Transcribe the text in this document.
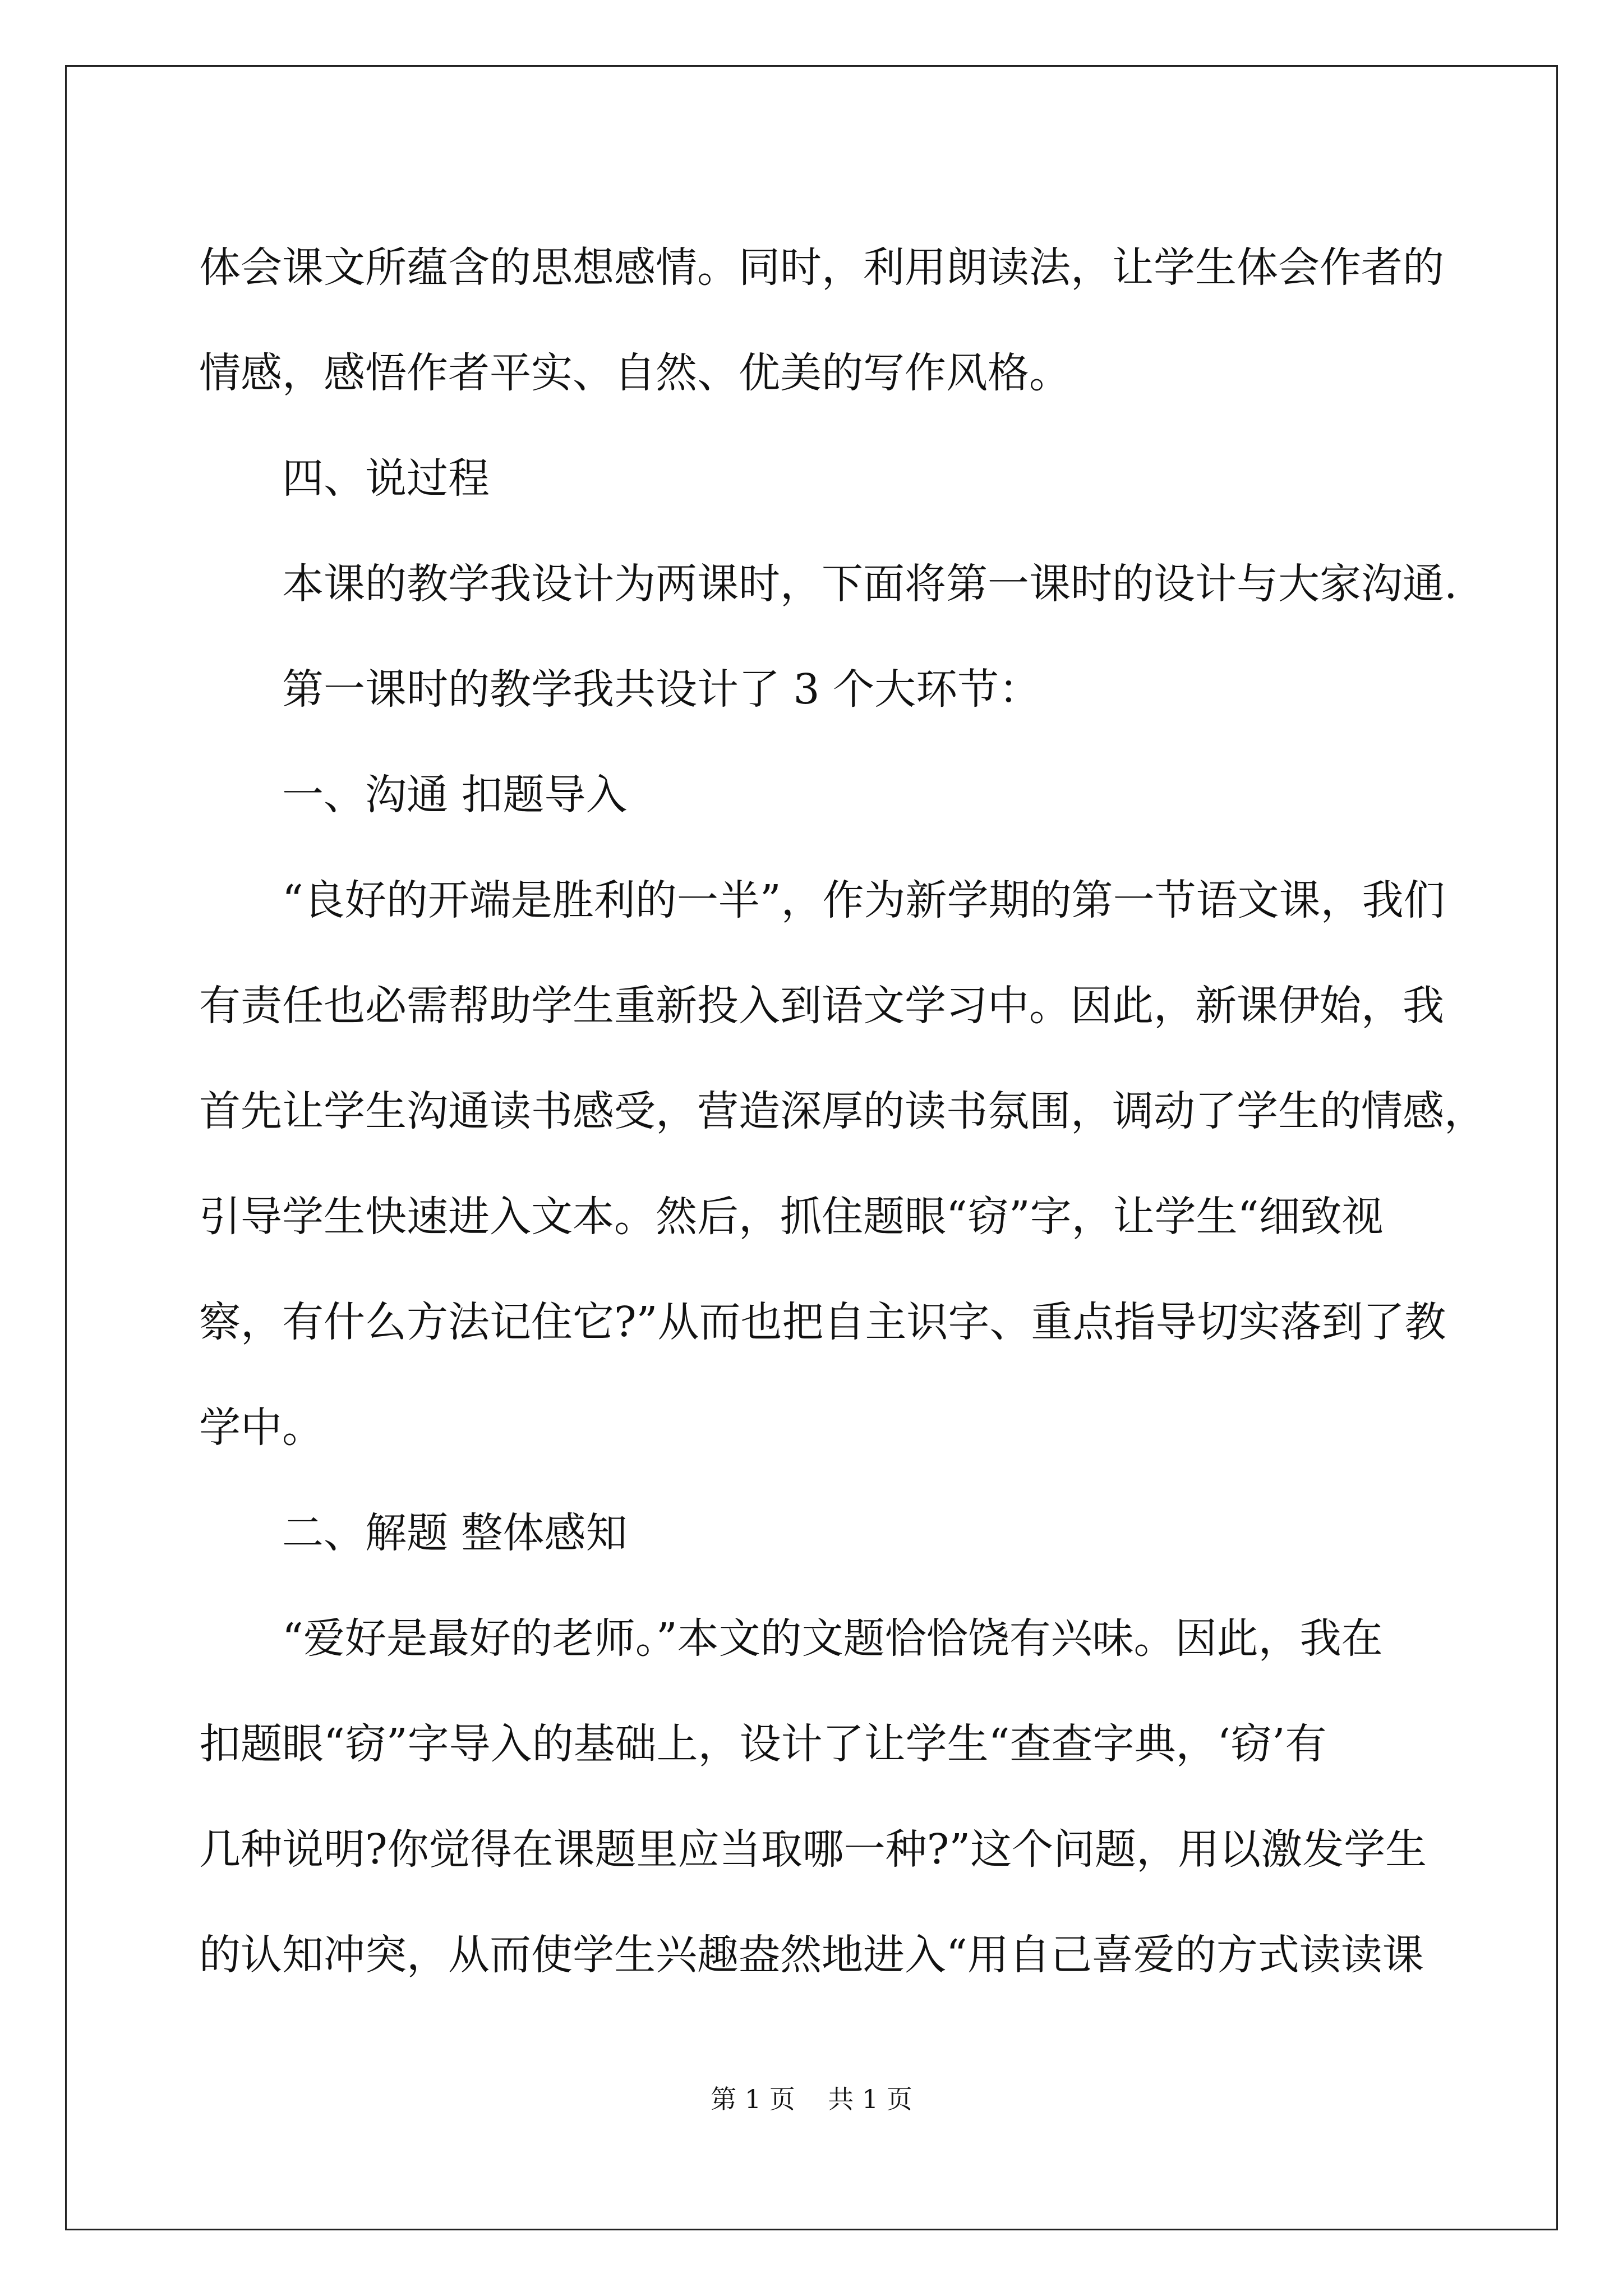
体会课文所蕴含的思想感情。同时，利用朗读法，让学生体会作者的
情感，感悟作者平实、自然、优美的写作风格。
四、说过程
本课的教学我设计为两课时，下面将第一课时的设计与大家沟通.
第一课时的教学我共设计了 3 个大环节：
一、沟通 扣题导入
“良好的开端是胜利的一半”，作为新学期的第一节语文课，我们
有责任也必需帮助学生重新投入到语文学习中。因此，新课伊始，我
首先让学生沟通读书感受，营造深厚的读书氛围，调动了学生的情感，
引导学生快速进入文本。然后，抓住题眼“窃”字，让学生“细致视
察，有什么方法记住它?”从而也把自主识字、重点指导切实落到了教
学中。
二、解题 整体感知
“爱好是最好的老师。”本文的文题恰恰饶有兴味。因此，我在
扣题眼“窃”字导入的基础上，设计了让学生“查查字典，‘窃’有
几种说明?你觉得在课题里应当取哪一种?”这个问题，用以激发学生
的认知冲突，从而使学生兴趣盎然地进入“用自己喜爱的方式读读课
第 1 页    共 1 页
